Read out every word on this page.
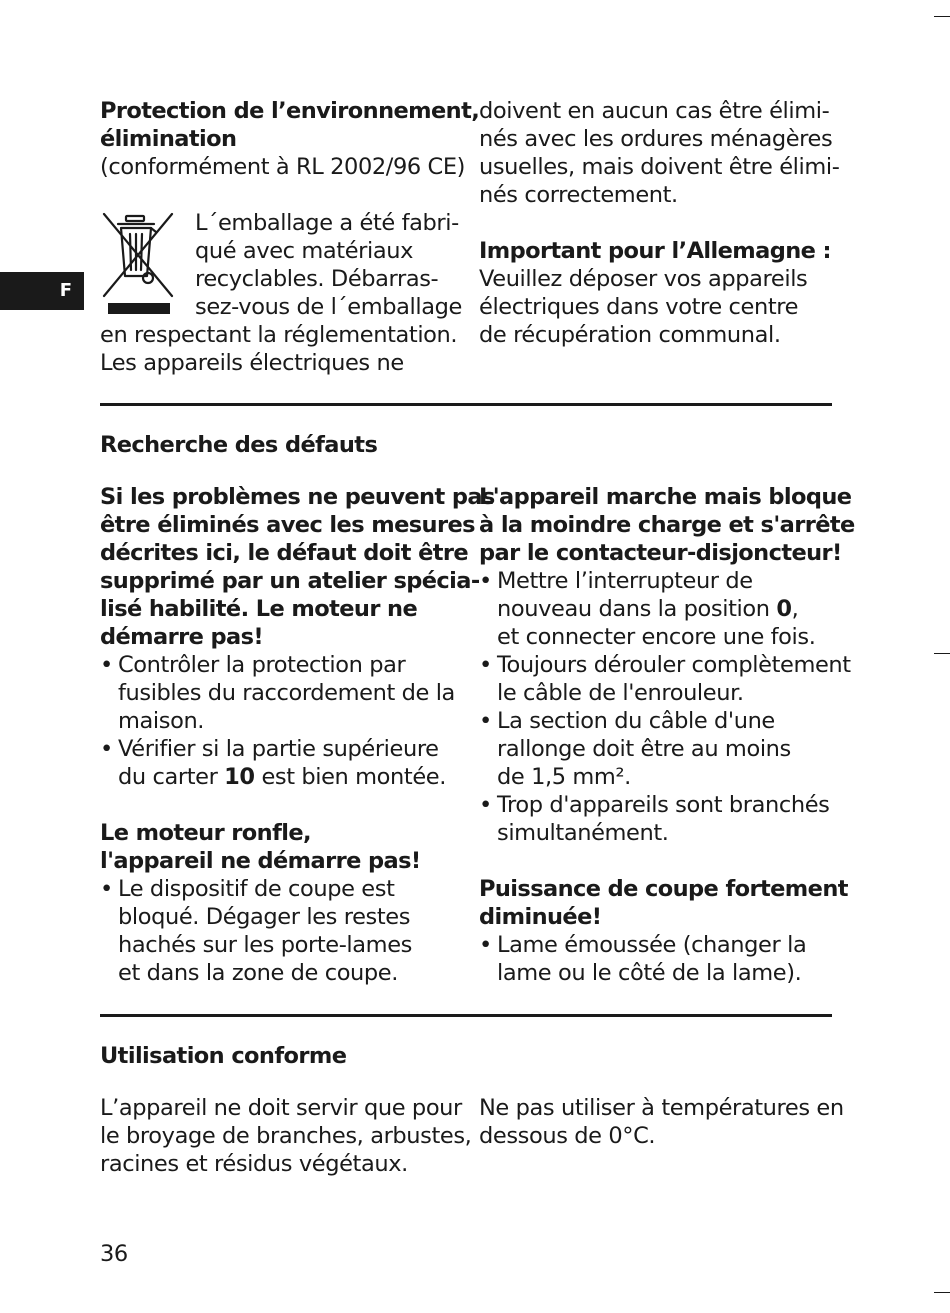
F
Protection de l’environnement,
élimination
(conformément à RL 2002/96 CE)
L´emballage a été fabri-
qué avec matériaux
recyclables. Débarras-
sez-vous de l´emballage
en respectant la réglementation.
Les appareils électriques ne
doivent en aucun cas être élimi-
nés avec les ordures ménagères
usuelles, mais doivent être élimi-
nés correctement.
Important pour l’Allemagne :
Veuillez déposer vos appareils
électriques dans votre centre
de récupération communal.
Recherche des défauts
Si les problèmes ne peuvent pas
être éliminés avec les mesures
décrites ici, le défaut doit être
supprimé par un atelier spécia-
lisé habilité. Le moteur ne
démarre pas!
• Contrôler la protection par
fusibles du raccordement de la
maison.
• Vérifier si la partie supérieure
du carter 10 est bien montée.
Le moteur ronfle,
l'appareil ne démarre pas!
• Le dispositif de coupe est
bloqué. Dégager les restes
hachés sur les porte-lames
et dans la zone de coupe.
L'appareil marche mais bloque
à la moindre charge et s'arrête
par le contacteur-disjoncteur!
• Mettre l’interrupteur de
nouveau dans la position 0,
et connecter encore une fois.
• Toujours dérouler complètement
le câble de l'enrouleur.
• La section du câble d'une
rallonge doit être au moins
de 1,5 mm².
• Trop d'appareils sont branchés
simultanément.
Puissance de coupe fortement
diminuée!
• Lame émoussée (changer la
lame ou le côté de la lame).
Utilisation conforme
L’appareil ne doit servir que pour
le broyage de branches, arbustes,
racines et résidus végétaux.
Ne pas utiliser à températures en
dessous de 0°C.
36
